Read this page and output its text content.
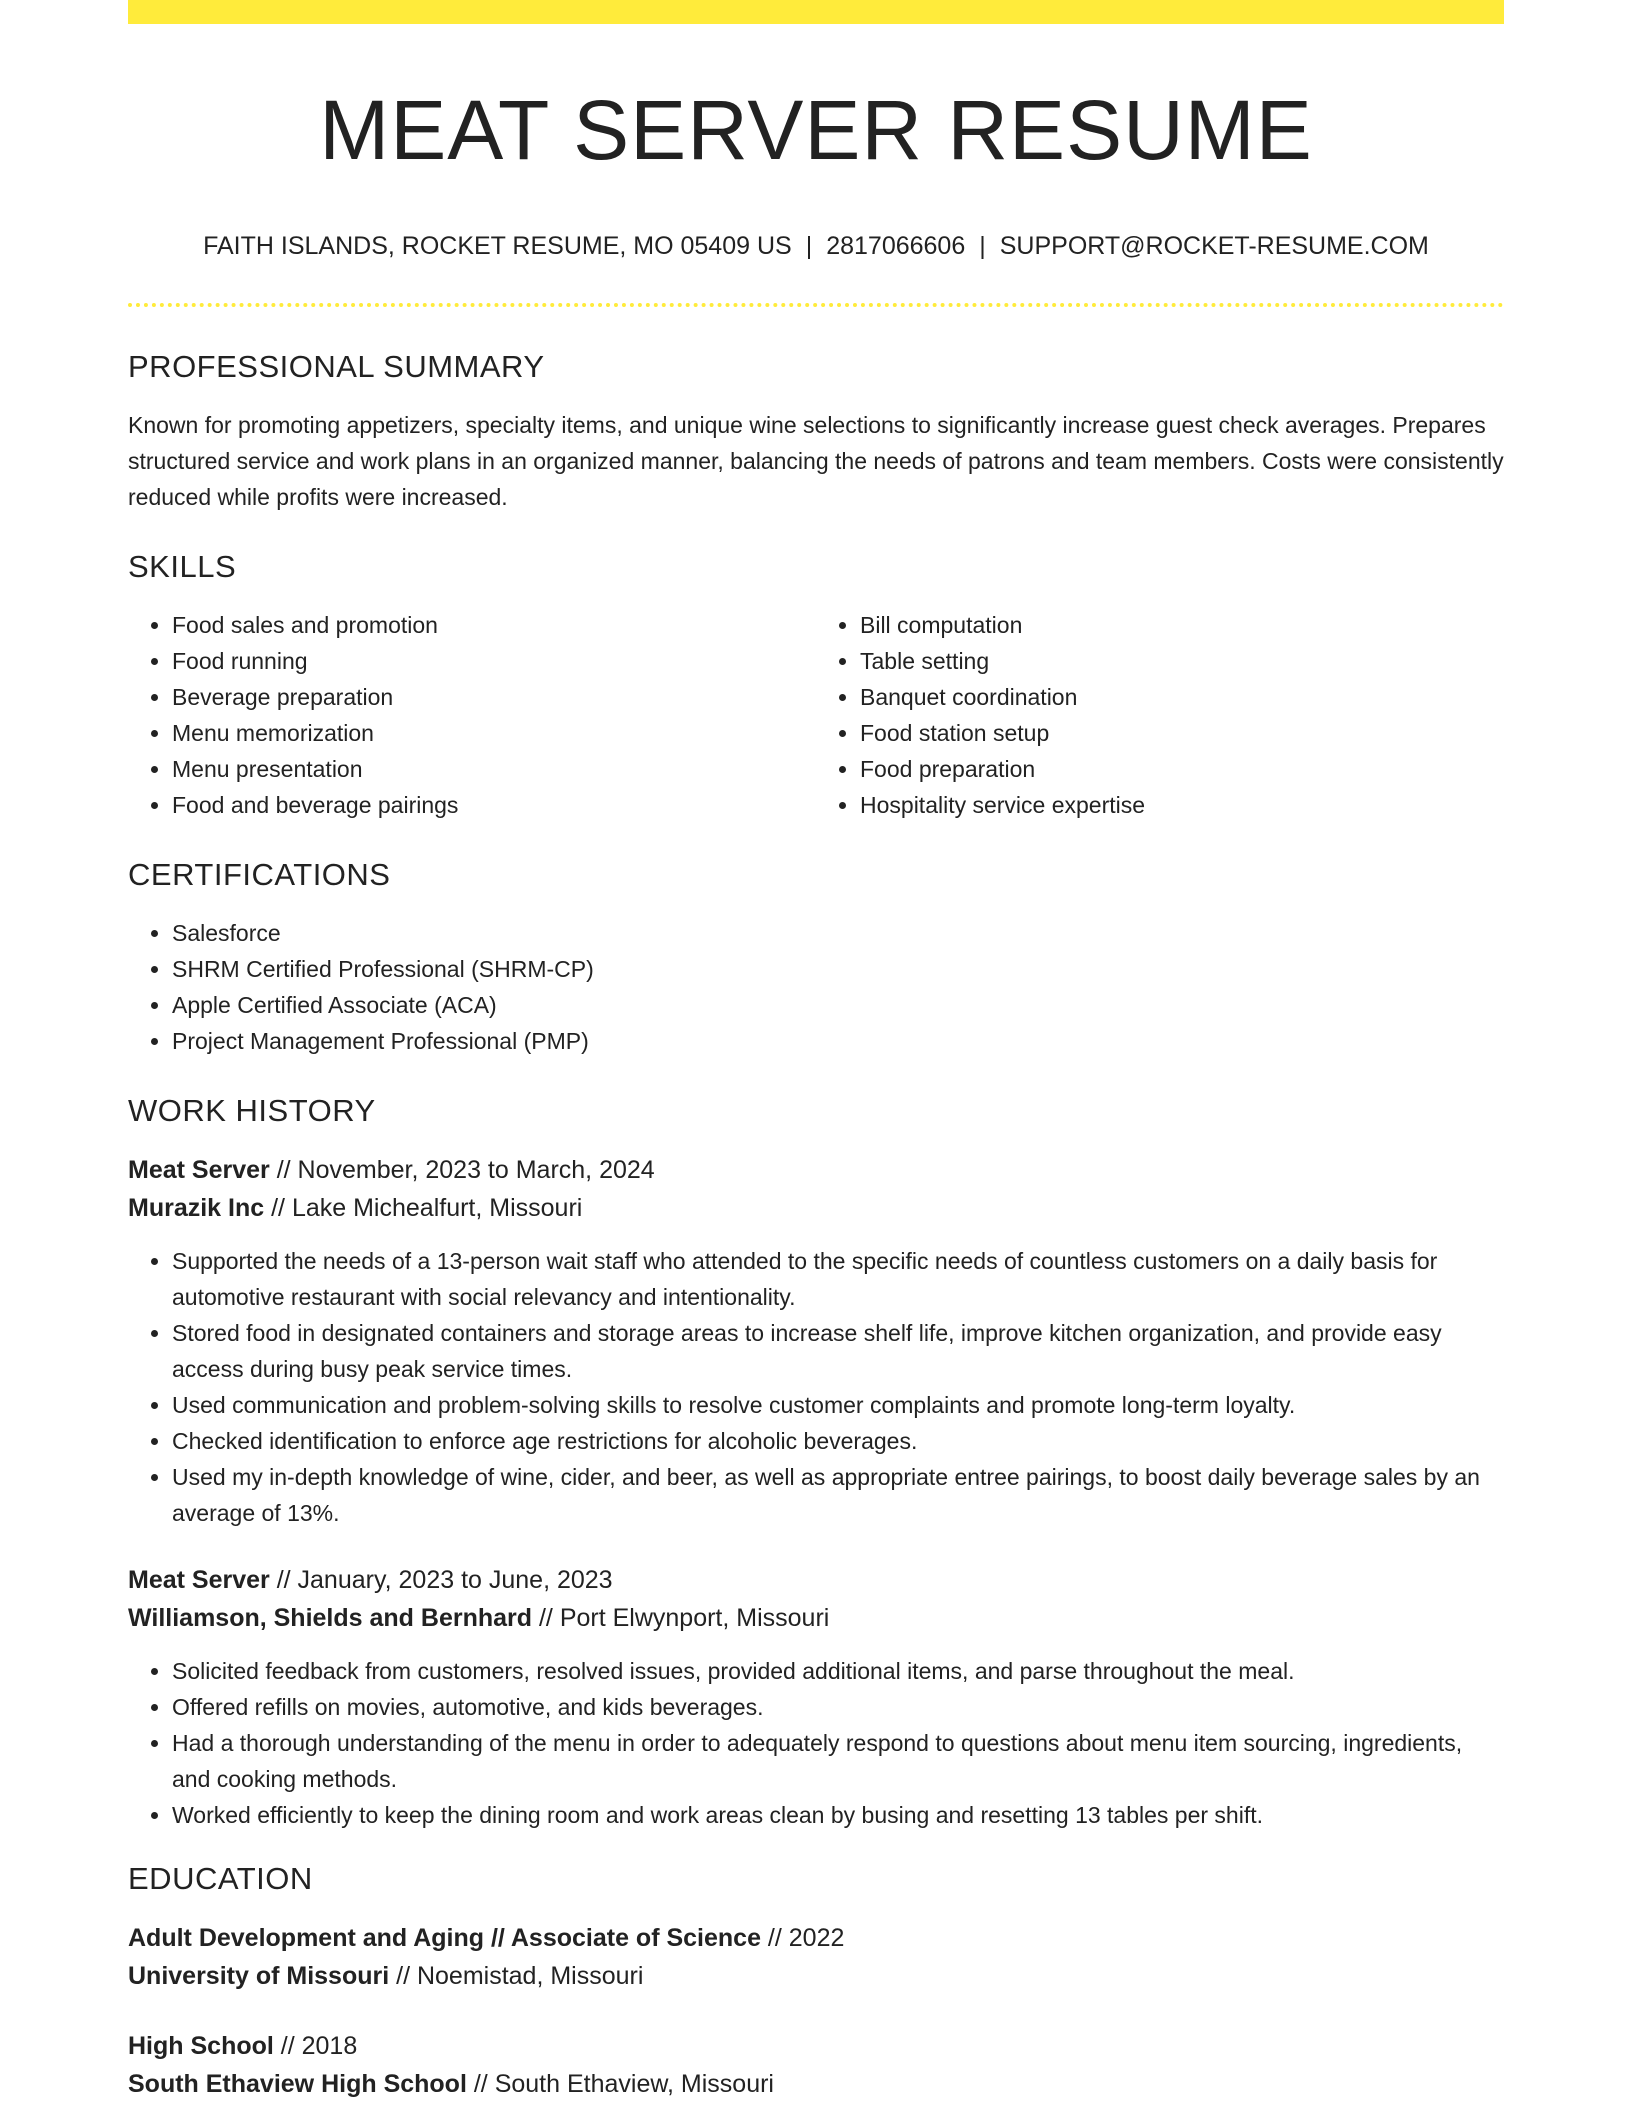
MEAT SERVER RESUME
FAITH ISLANDS, ROCKET RESUME, MO 05409 US | 2817066606 | SUPPORT@ROCKET-RESUME.COM
PROFESSIONAL SUMMARY

Known for promoting appetizers, specialty items, and unique wine selections to significantly increase guest check averages. Prepares structured service and work plans in an organized manner, balancing the needs of patrons and team members. Costs were consistently reduced while profits were increased.

SKILLS
• Food sales and promotion
• Food running
• Beverage preparation
• Menu memorization
• Menu presentation
• Food and beverage pairings
• Bill computation
• Table setting
• Banquet coordination
• Food station setup
• Food preparation
• Hospitality service expertise
CERTIFICATIONS
• Salesforce
• SHRM Certified Professional (SHRM-CP)
• Apple Certified Associate (ACA)
• Project Management Professional (PMP)
WORK HISTORY

Meat Server // November, 2023 to March, 2024

Murazik Inc // Lake Michealfurt, Missouri

• Supported the needs of a 13-person wait staff who attended to the specific needs of countless customers on a daily basis for automotive restaurant with social relevancy and intentionality.
• Stored food in designated containers and storage areas to increase shelf life, improve kitchen organization, and provide easy access during busy peak service times.
• Used communication and problem-solving skills to resolve customer complaints and promote long-term loyalty.
• Checked identification to enforce age restrictions for alcoholic beverages.
• Used my in-depth knowledge of wine, cider, and beer, as well as appropriate entree pairings, to boost daily beverage sales by an average of 13%.

Meat Server // January, 2023 to June, 2023

Williamson, Shields and Bernhard // Port Elwynport, Missouri

• Solicited feedback from customers, resolved issues, provided additional items, and parse throughout the meal.
• Offered refills on movies, automotive, and kids beverages.
• Had a thorough understanding of the menu in order to adequately respond to questions about menu item sourcing, ingredients, and cooking methods.
• Worked efficiently to keep the dining room and work areas clean by busing and resetting 13 tables per shift.
EDUCATION

Adult Development and Aging // Associate of Science // 2022

University of Missouri // Noemistad, Missouri

High School // 2018

South Ethaview High School // South Ethaview, Missouri
